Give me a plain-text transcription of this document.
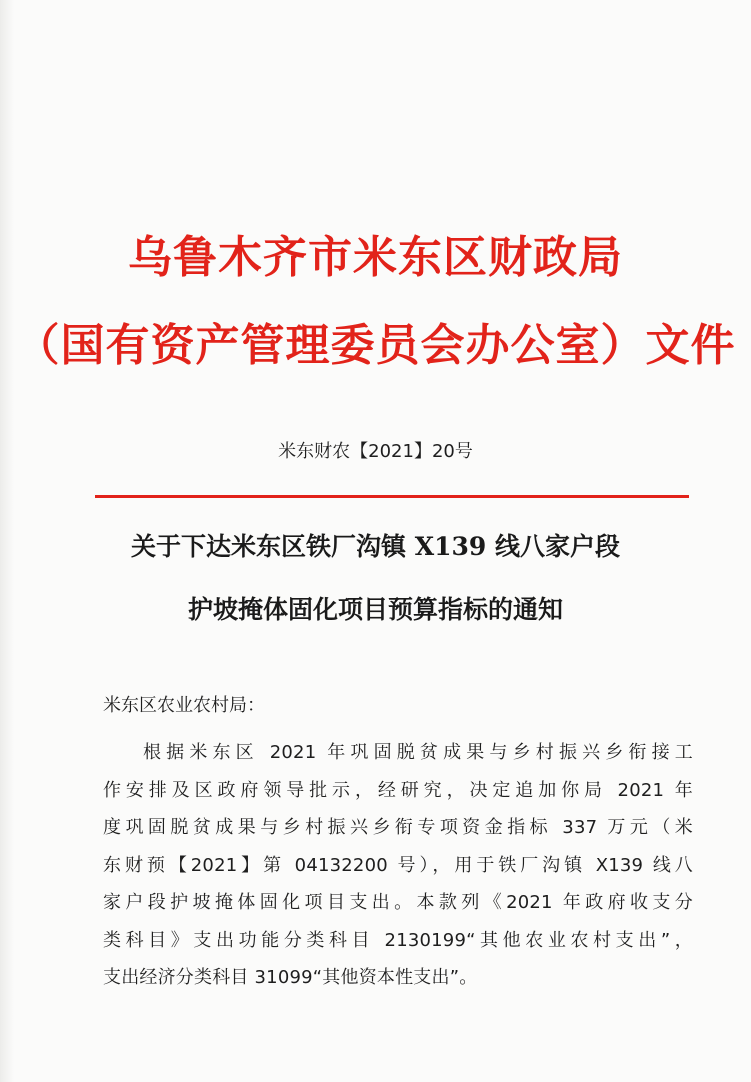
乌鲁木齐市米东区财政局
（国有资产管理委员会办公室）文件
米东财农【2021】20号
关于下达米东区铁厂沟镇 X139 线八家户段
护坡掩体固化项目预算指标的通知
米东区农业农村局：
根据米东区 2021 年巩固脱贫成果与乡村振兴乡衔接工
作安排及区政府领导批示，经研究，决定追加你局 2021 年
度巩固脱贫成果与乡村振兴乡衔专项资金指标 337 万元（米
东财预【2021】第 04132200 号），用于铁厂沟镇 X139 线八
家户段护坡掩体固化项目支出。本款列《2021 年政府收支分
类科目》支出功能分类科目 2130199“其他农业农村支出”，
支出经济分类科目 31099“其他资本性支出”。
